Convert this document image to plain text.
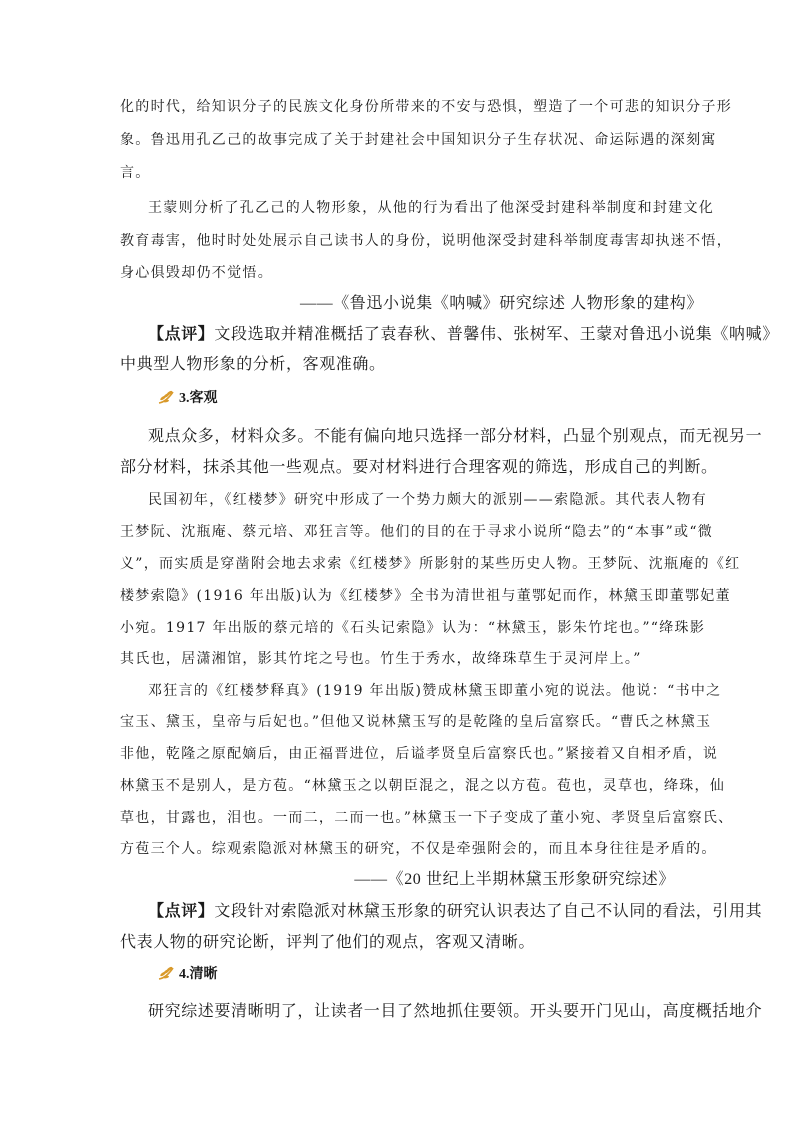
化的时代，给知识分子的民族文化身份所带来的不安与恐惧，塑造了一个可悲的知识分子形
象。鲁迅用孔乙己的故事完成了关于封建社会中国知识分子生存状况、命运际遇的深刻寓
言。
王蒙则分析了孔乙己的人物形象，从他的行为看出了他深受封建科举制度和封建文化
教育毒害，他时时处处展示自己读书人的身份，说明他深受封建科举制度毒害却执迷不悟，
身心俱毁却仍不觉悟。
——《鲁迅小说集《呐喊》研究综述 人物形象的建构》
【点评】文段选取并精准概括了袁春秋、普馨伟、张树军、王蒙对鲁迅小说集《呐喊》
中典型人物形象的分析，客观准确。
3.客观
观点众多，材料众多。不能有偏向地只选择一部分材料，凸显个别观点，而无视另一
部分材料，抹杀其他一些观点。要对材料进行合理客观的筛选，形成自己的判断。
民国初年，《红楼梦》研究中形成了一个势力颇大的派别——索隐派。其代表人物有
王梦阮、沈瓶庵、蔡元培、邓狂言等。他们的目的在于寻求小说所“隐去”的“本事”或“微
义”，而实质是穿凿附会地去求索《红楼梦》所影射的某些历史人物。王梦阮、沈瓶庵的《红
楼梦索隐》(1916 年出版)认为《红楼梦》全书为清世祖与董鄂妃而作，林黛玉即董鄂妃董
小宛。1917 年出版的蔡元培的《石头记索隐》认为：“林黛玉，影朱竹垞也。”“绛珠影
其氏也，居潇湘馆，影其竹垞之号也。竹生于秀水，故绛珠草生于灵河岸上。”
邓狂言的《红楼梦释真》(1919 年出版)赞成林黛玉即董小宛的说法。他说：“书中之
宝玉、黛玉，皇帝与后妃也。”但他又说林黛玉写的是乾隆的皇后富察氏。“曹氏之林黛玉
非他，乾隆之原配嫡后，由正福晋进位，后谥孝贤皇后富察氏也。”紧接着又自相矛盾，说
林黛玉不是别人，是方苞。“林黛玉之以朝臣混之，混之以方苞。苞也，灵草也，绛珠，仙
草也，甘露也，泪也。一而二，二而一也。”林黛玉一下子变成了董小宛、孝贤皇后富察氏、
方苞三个人。综观索隐派对林黛玉的研究，不仅是牵强附会的，而且本身往往是矛盾的。
——《20 世纪上半期林黛玉形象研究综述》
【点评】文段针对索隐派对林黛玉形象的研究认识表达了自己不认同的看法，引用其
代表人物的研究论断，评判了他们的观点，客观又清晰。
4.清晰
研究综述要清晰明了，让读者一目了然地抓住要领。开头要开门见山，高度概括地介
